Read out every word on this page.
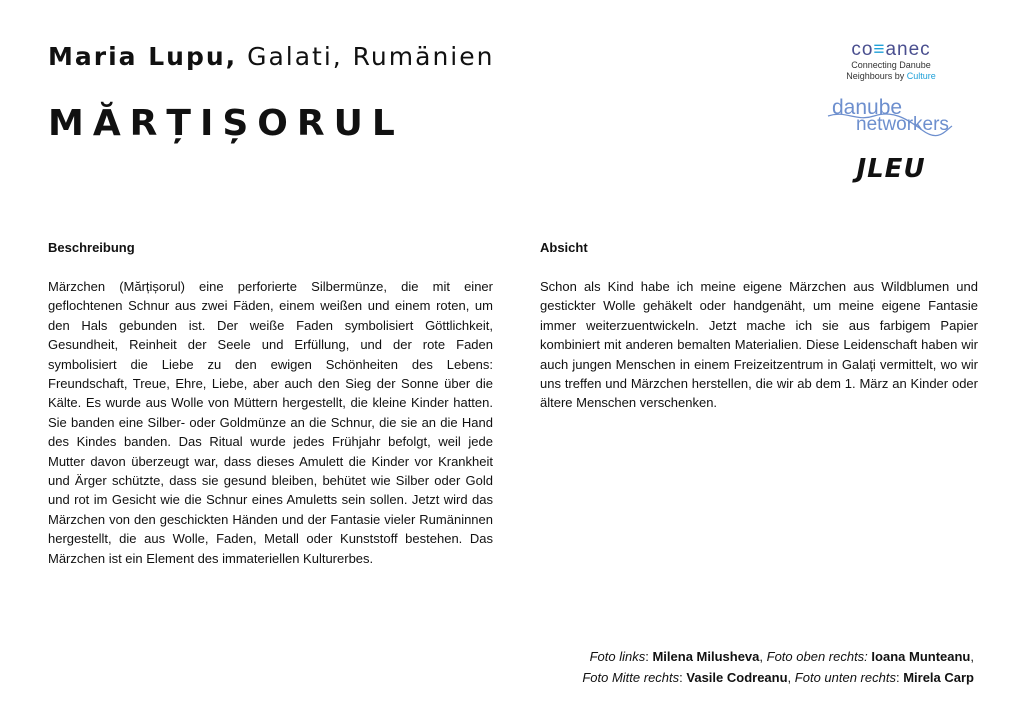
Maria Lupu, Galati, Rumänien
MĂRȚIȘORUL
co≡anec
Connecting Danube
Neighbours by Culture
danube
networkers
JLEU

Beschreibung

Märzchen (Mărțișorul) eine perforierte Silbermünze, die mit einer geflochtenen Schnur aus zwei Fäden, einem weißen und einem roten, um den Hals gebunden ist. Der weiße Faden symbolisiert Göttlichkeit, Gesundheit, Reinheit der Seele und Erfüllung, und der rote Faden symbolisiert die Liebe zu den ewigen Schönheiten des Lebens: Freundschaft, Treue, Ehre, Liebe, aber auch den Sieg der Sonne über die Kälte. Es wurde aus Wolle von Müttern hergestellt, die kleine Kinder hatten. Sie banden eine Silber- oder Goldmünze an die Schnur, die sie an die Hand des Kindes banden. Das Ritual wurde jedes Frühjahr befolgt, weil jede Mutter davon überzeugt war, dass dieses Amulett die Kinder vor Krankheit und Ärger schützte, dass sie gesund bleiben, behütet wie Silber oder Gold und rot im Gesicht wie die Schnur eines Amuletts sein sollen. Jetzt wird das Märzchen von den geschickten Händen und der Fantasie vieler Rumäninnen hergestellt, die aus Wolle, Faden, Metall oder Kunststoff bestehen. Das Märzchen ist ein Element des immateriellen Kulturerbes.

Absicht

Schon als Kind habe ich meine eigene Märzchen aus Wildblumen und gestickter Wolle gehäkelt oder handgenäht, um meine eigene Fantasie immer weiterzuentwickeln. Jetzt mache ich sie aus farbigem Papier kombiniert mit anderen bemalten Materialien. Diese Leidenschaft haben wir auch jungen Menschen in einem Freizeitzentrum in Galați vermittelt, wo wir uns treffen und Märzchen herstellen, die wir ab dem 1. März an Kinder oder ältere Menschen verschenken.

Foto links: Milena Milusheva, Foto oben rechts: Ioana Munteanu,
Foto Mitte rechts: Vasile Codreanu, Foto unten rechts: Mirela Carp
